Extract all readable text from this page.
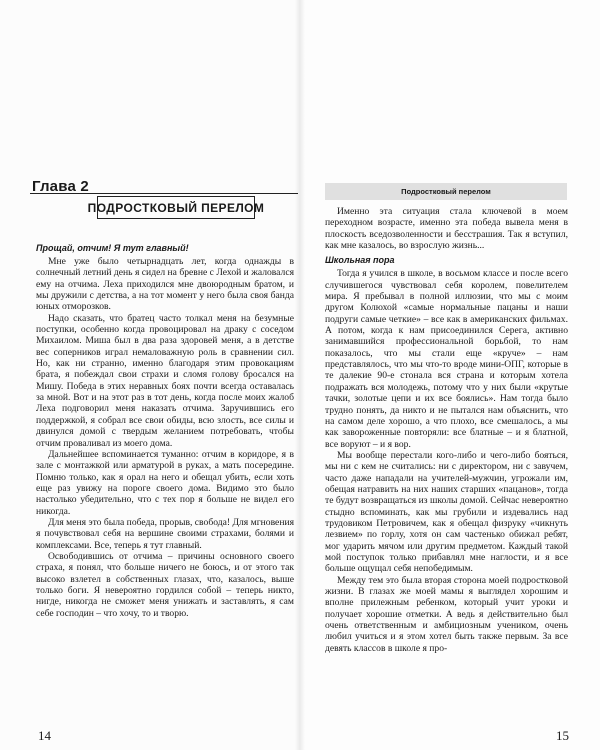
Глава 2
ПОДРОСТКОВЫЙ ПЕРЕЛОМ
Прощай, отчим! Я тут главный!

Мне уже было четырнадцать лет, когда однажды в солнечный летний день я сидел на бревне с Лехой и жаловался ему на отчима. Леха приходился мне двоюродным братом, и мы дружили с детства, а на тот момент у него была своя банда юных отморозков.

Надо сказать, что братец часто толкал меня на безумные поступки, особенно когда провоцировал на драку с соседом Михаилом. Миша был в два раза здоровей меня, а в детстве вес соперников играл немаловажную роль в сравнении сил. Но, как ни странно, именно благодаря этим провокациям брата, я побеждал свои страхи и сломя голову бросался на Мишу. Победа в этих неравных боях почти всегда оставалась за мной. Вот и на этот раз в тот день, когда после моих жалоб Леха подговорил меня наказать отчима. Заручившись его поддержкой, я собрал все свои обиды, всю злость, все силы и двинулся домой с твердым желанием потребовать, чтобы отчим проваливал из моего дома.

Дальнейшее вспоминается туманно: отчим в коридоре, я в зале с монтажкой или арматурой в руках, а мать посередине. Помню только, как я орал на него и обещал убить, если хоть еще раз увижу на пороге своего дома. Видимо это было настолько убедительно, что с тех пор я больше не видел его никогда.

Для меня это была победа, прорыв, свобода! Для мгновения я почувствовал себя на вершине своими страхами, болями и комплексами. Все, теперь я тут главный.

Освободившись от отчима – причины основного своего страха, я понял, что больше ничего не боюсь, и от этого так высоко взлетел в собственных глазах, что, казалось, выше только боги. Я невероятно гордился собой – теперь никто, нигде, никогда не сможет меня унижать и заставлять, я сам себе господин – что хочу, то и творю.

14
Подростковый перелом

Именно эта ситуация стала ключевой в моем переходном возрасте, именно эта победа вывела меня в плоскость вседозволенности и бесстрашия. Так я вступил, как мне казалось, во взрослую жизнь...

Школьная пора

Тогда я учился в школе, в восьмом классе и после всего случившегося чувствовал себя королем, повелителем мира. Я пребывал в полной иллюзии, что мы с моим другом Колюхой «самые нормальные пацаны и наши подруги самые четкие» – все как в американских фильмах. А потом, когда к нам присоединился Серега, активно занимавшийся профессиональной борьбой, то нам показалось, что мы стали еще «круче» – нам представлялось, что мы что-то вроде мини-ОПГ, которые в те далекие 90-е стонала вся страна и которым хотела подражать вся молодежь, потому что у них были «крутые тачки, золотые цепи и их все боялись». Нам тогда было трудно понять, да никто и не пытался нам объяснить, что на самом деле хорошо, а что плохо, все смешалось, а мы как завороженные повторяли: все блатные – и я блатной, все воруют – и я вор.

Мы вообще перестали кого-либо и чего-либо бояться, мы ни с кем не считались: ни с директором, ни с завучем, часто даже нападали на учителей-мужчин, угрожали им, обещая натравить на них наших старших «пацанов», тогда те будут возвращаться из школы домой. Сейчас невероятно стыдно вспоминать, как мы грубили и издевались над трудовиком Петровичем, как я обещал физруку «чикнуть лезвием» по горлу, хотя он сам частенько обижал ребят, мог ударить мячом или другим предметом. Каждый такой мой поступок только прибавлял мне наглости, и я все больше ощущал себя непобедимым.

Между тем это была вторая сторона моей подростковой жизни. В глазах же моей мамы я выглядел хорошим и вполне прилежным ребенком, который учит уроки и получает хорошие отметки. А ведь я действительно был очень ответственным и амбициозным учеником, очень любил учиться и я этом хотел быть также первым. За все девять классов в школе я про-

15
